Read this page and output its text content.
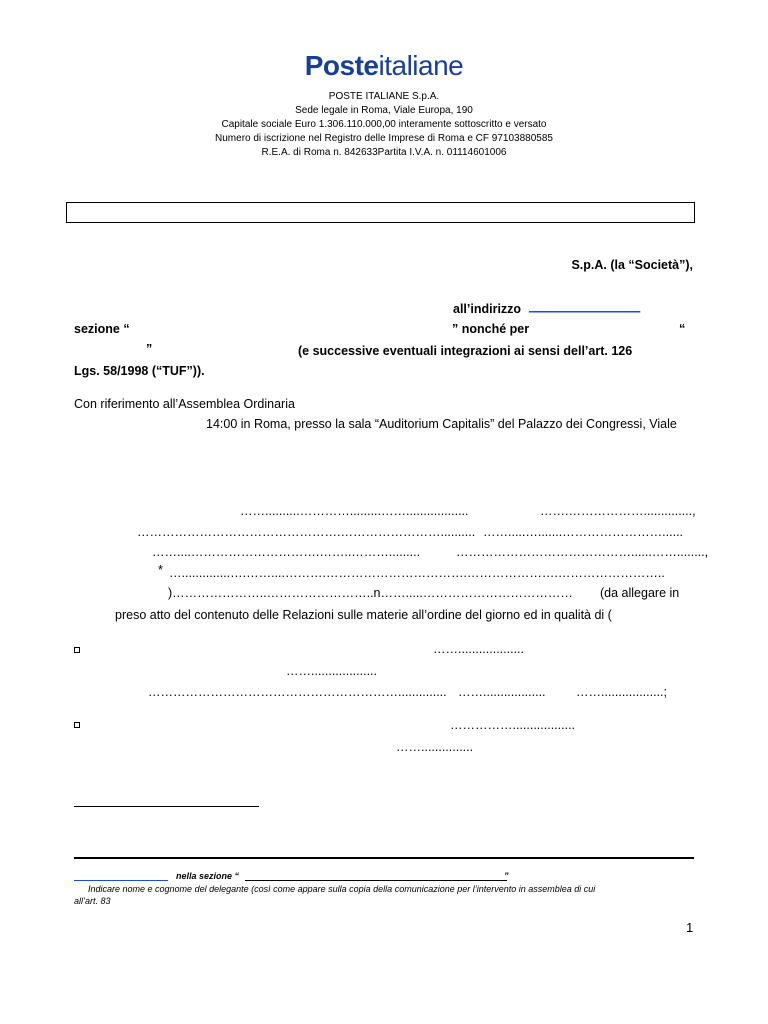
Posteitaliane
POSTE ITALIANE S.p.A.
Sede legale in Roma, Viale Europa, 190
Capitale sociale Euro 1.306.110.000,00 interamente sottoscritto e versato
Numero di iscrizione nel Registro delle Imprese di Roma e CF 97103880585
R.E.A. di Roma n. 842633Partita I.V.A. n. 01114601006
S.p.A. (la “Società”),
all’indirizzo ________________
sezione “	” nonché per	“
”	(e successive eventuali integrazioni ai sensi dell’art. 126
Lgs. 58/1998 (“TUF”)).
Con riferimento all’Assemblea Ordinaria
14:00 in Roma, presso la sala “Auditorium Capitalis” del Palazzo dei Congressi, Viale
……..........………….........……..................	…….………………..............,
………………………………………….…………………….......... …….....….......……………………......
……....………………………….……..……….........	……………………………………......……........,
* …..............….……....……….…………………………….………………….……………………..
)…………………..……………………..n…….....……………………………… (da allegare in
preso atto del contenuto delle Relazioni sulle materie all’ordine del giorno ed in qualità di (
……...................
……...................
…………………………………………………….............. …….................. ……..................;
……………..................
……...............
nella sezione “	”
Indicare nome e cognome del delegante (così come appare sulla copia della comunicazione per l’intervento in assemblea di cui
all’art. 83
1
